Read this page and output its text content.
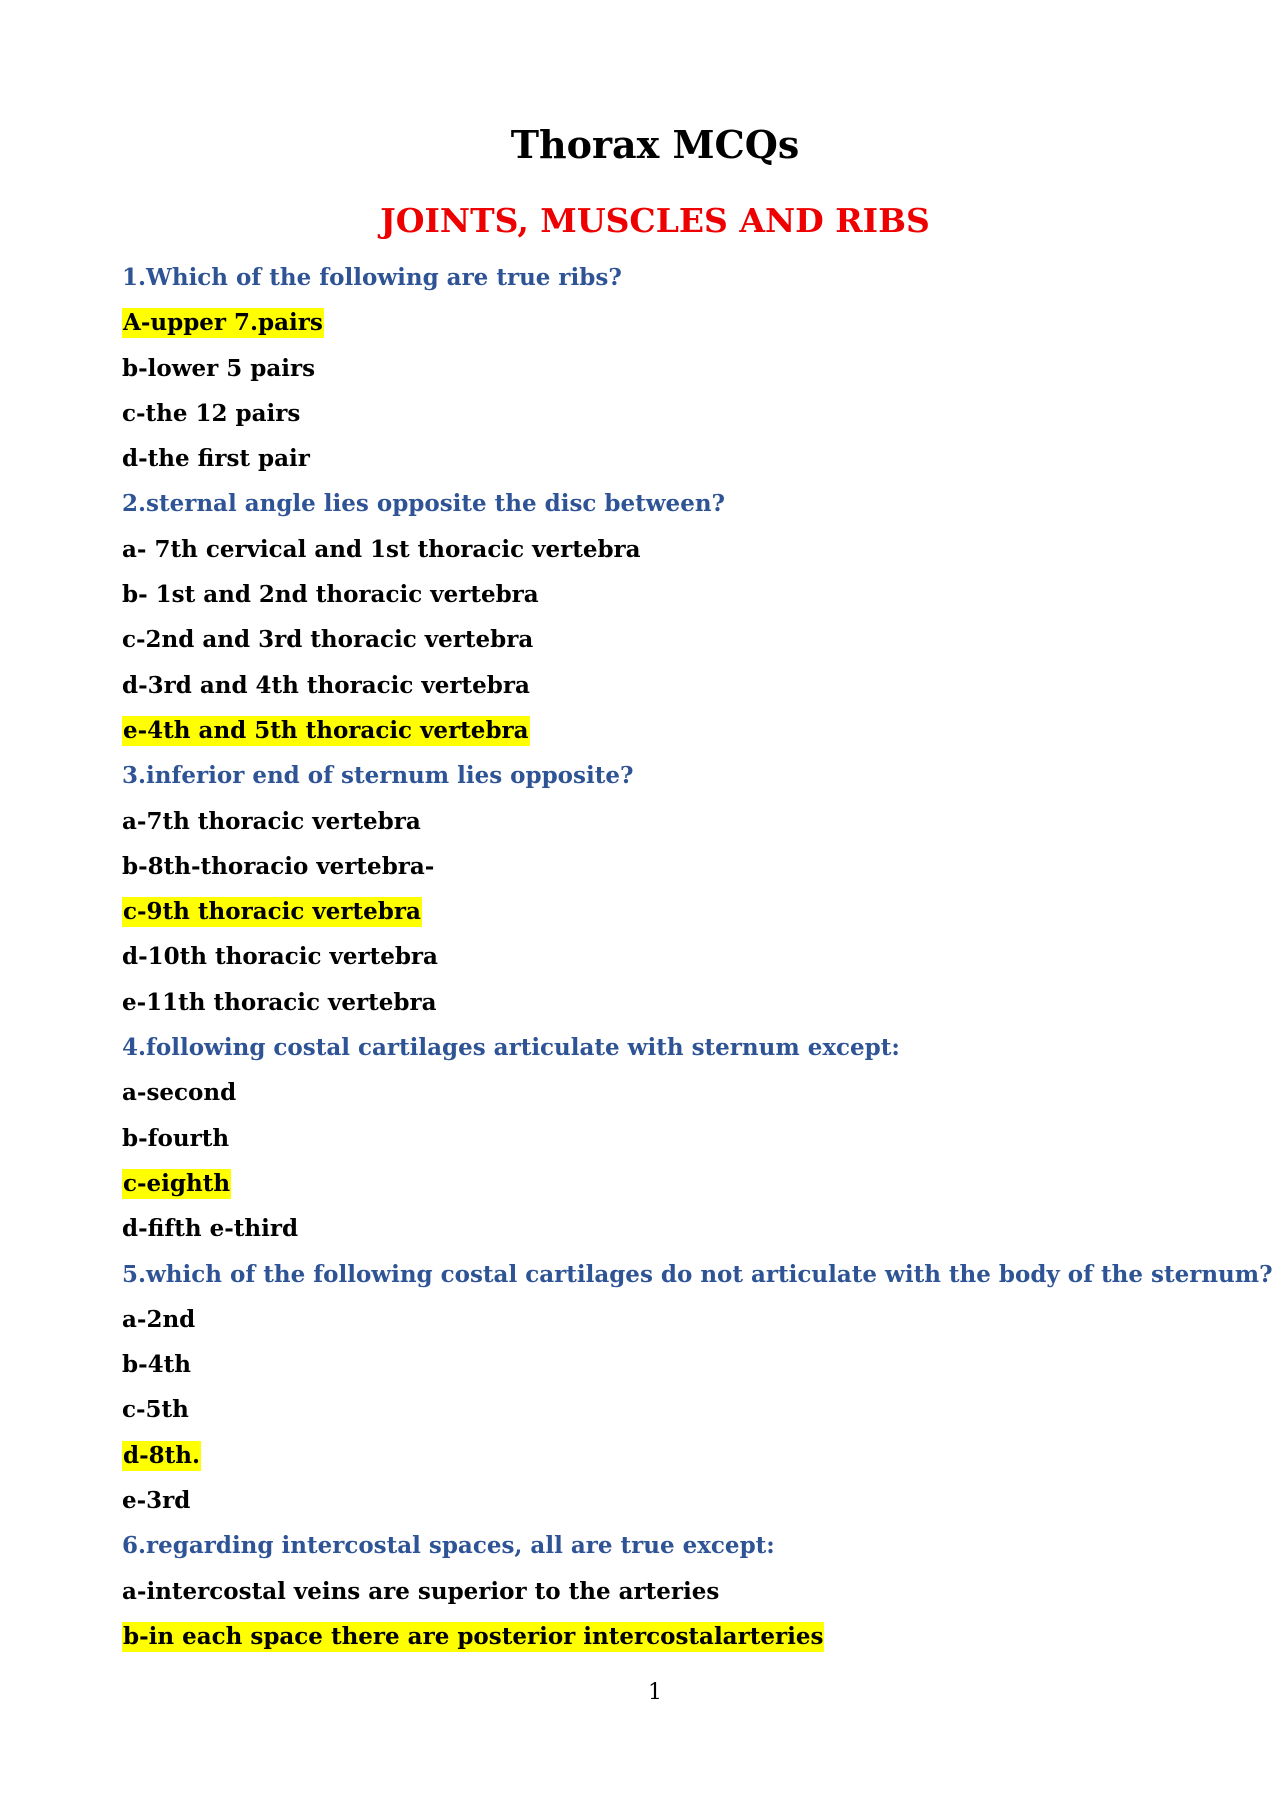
Thorax MCQs
JOINTS, MUSCLES AND RIBS
1.Which of the following are true ribs?
A-upper 7.pairs
b-lower 5 pairs
c-the 12 pairs
d-the first pair
2.sternal angle lies opposite the disc between?
a- 7th cervical and 1st thoracic vertebra
b- 1st and 2nd thoracic vertebra
c-2nd and 3rd thoracic vertebra
d-3rd and 4th thoracic vertebra
e-4th and 5th thoracic vertebra
3.inferior end of sternum lies opposite?
a-7th thoracic vertebra
b-8th-thoracio vertebra-
c-9th thoracic vertebra
d-10th thoracic vertebra
e-11th thoracic vertebra
4.following costal cartilages articulate with sternum except:
a-second
b-fourth
c-eighth
d-fifth e-third
5.which of the following costal cartilages do not articulate with the body of the sternum?
a-2nd
b-4th
c-5th
d-8th.
e-3rd
6.regarding intercostal spaces, all are true except:
a-intercostal veins are superior to the arteries
b-in each space there are posterior intercostalarteries
1
